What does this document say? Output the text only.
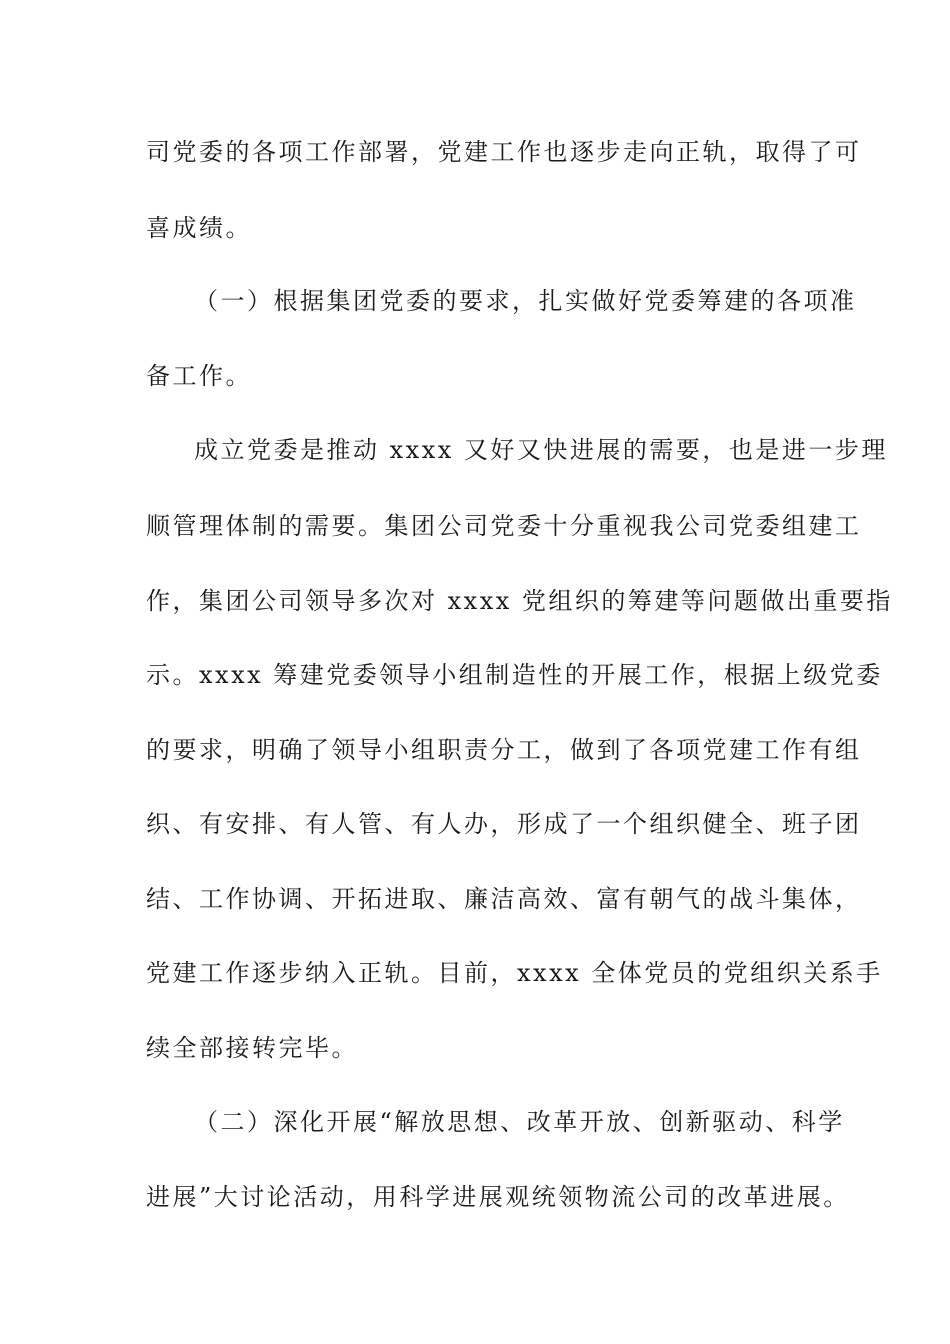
司党委的各项工作部署，党建工作也逐步走向正轨，取得了可
喜成绩。
（一）根据集团党委的要求，扎实做好党委筹建的各项准
备工作。
成立党委是推动 xxxx 又好又快进展的需要，也是进一步理
顺管理体制的需要。集团公司党委十分重视我公司党委组建工
作，集团公司领导多次对 xxxx 党组织的筹建等问题做出重要指
示。xxxx 筹建党委领导小组制造性的开展工作，根据上级党委
的要求，明确了领导小组职责分工，做到了各项党建工作有组
织、有安排、有人管、有人办，形成了一个组织健全、班子团
结、工作协调、开拓进取、廉洁高效、富有朝气的战斗集体，
党建工作逐步纳入正轨。目前，xxxx 全体党员的党组织关系手
续全部接转完毕。
（二）深化开展“解放思想、改革开放、创新驱动、科学
进展”大讨论活动，用科学进展观统领物流公司的改革进展。
